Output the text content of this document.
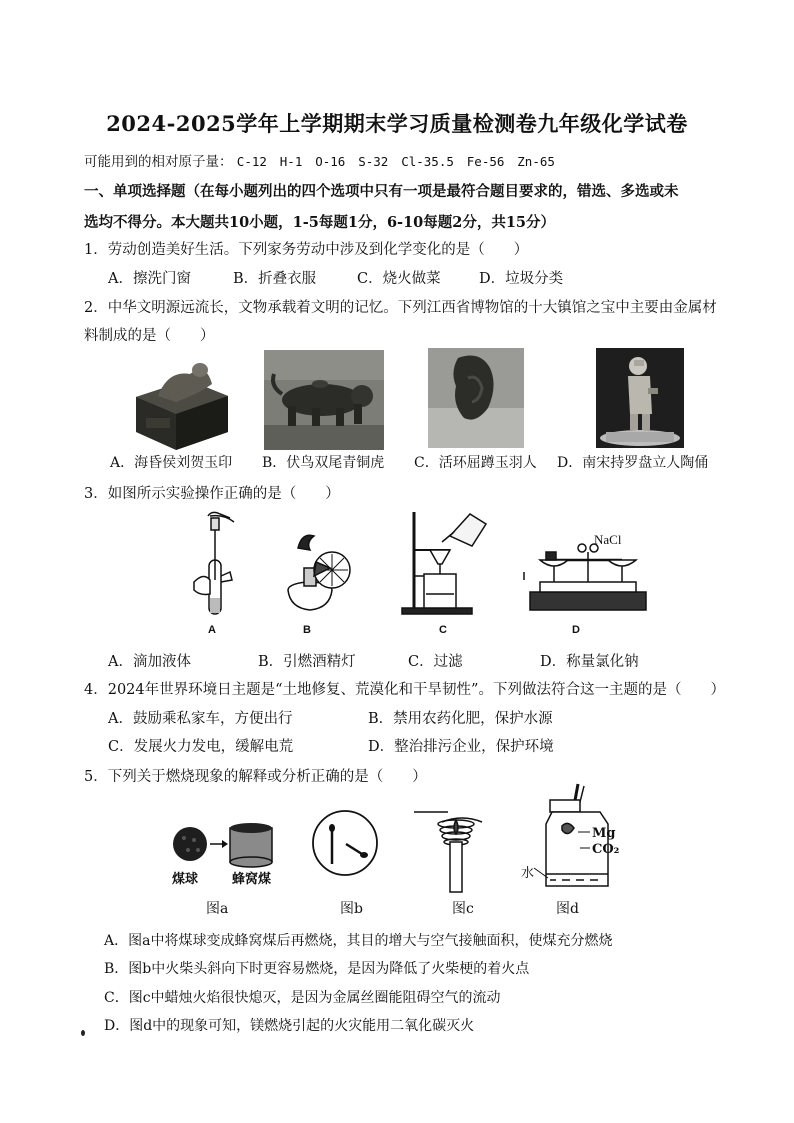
2024-2025学年上学期期末学习质量检测卷九年级化学试卷
可能用到的相对原子量： C-12 H-1 O-16 S-32 Cl-35.5 Fe-56 Zn-65
一、单项选择题（在每小题列出的四个选项中只有一项是最符合题目要求的，错选、多选或未
选均不得分。本大题共10小题，1-5每题1分，6-10每题2分，共15分）
1．劳动创造美好生活。下列家务劳动中涉及到化学变化的是（　　）
A．擦洗门窗	B．折叠衣服	C．烧火做菜	D．垃圾分类
2．中华文明源远流长，文物承载着文明的记忆。下列江西省博物馆的十大镇馆之宝中主要由金属材
料制成的是（　　）
A．海昏侯刘贺玉印 B．伏鸟双尾青铜虎 C．活环屈蹲玉羽人 D．南宋持罗盘立人陶俑
3．如图所示实验操作正确的是（　　）
NaCl
A	B	C	D
A．滴加液体	B．引燃酒精灯	C．过滤	D．称量氯化钠
4．2024年世界环境日主题是“土地修复、荒漠化和干旱韧性”。下列做法符合这一主题的是（　　）
A．鼓励乘私家车，方便出行	B．禁用农药化肥，保护水源
C．发展火力发电，缓解电荒	D．整治排污企业，保护环境
5．下列关于燃烧现象的解释或分析正确的是（　　）
煤球	蜂窝煤
Mg
CO₂
水
图a	图b	图c	图d
A．图a中将煤球变成蜂窝煤后再燃烧，其目的增大与空气接触面积，使煤充分燃烧
B．图b中火柴头斜向下时更容易燃烧，是因为降低了火柴梗的着火点
C．图c中蜡烛火焰很快熄灭，是因为金属丝圈能阻碍空气的流动
D．图d中的现象可知，镁燃烧引起的火灾能用二氧化碳灭火
